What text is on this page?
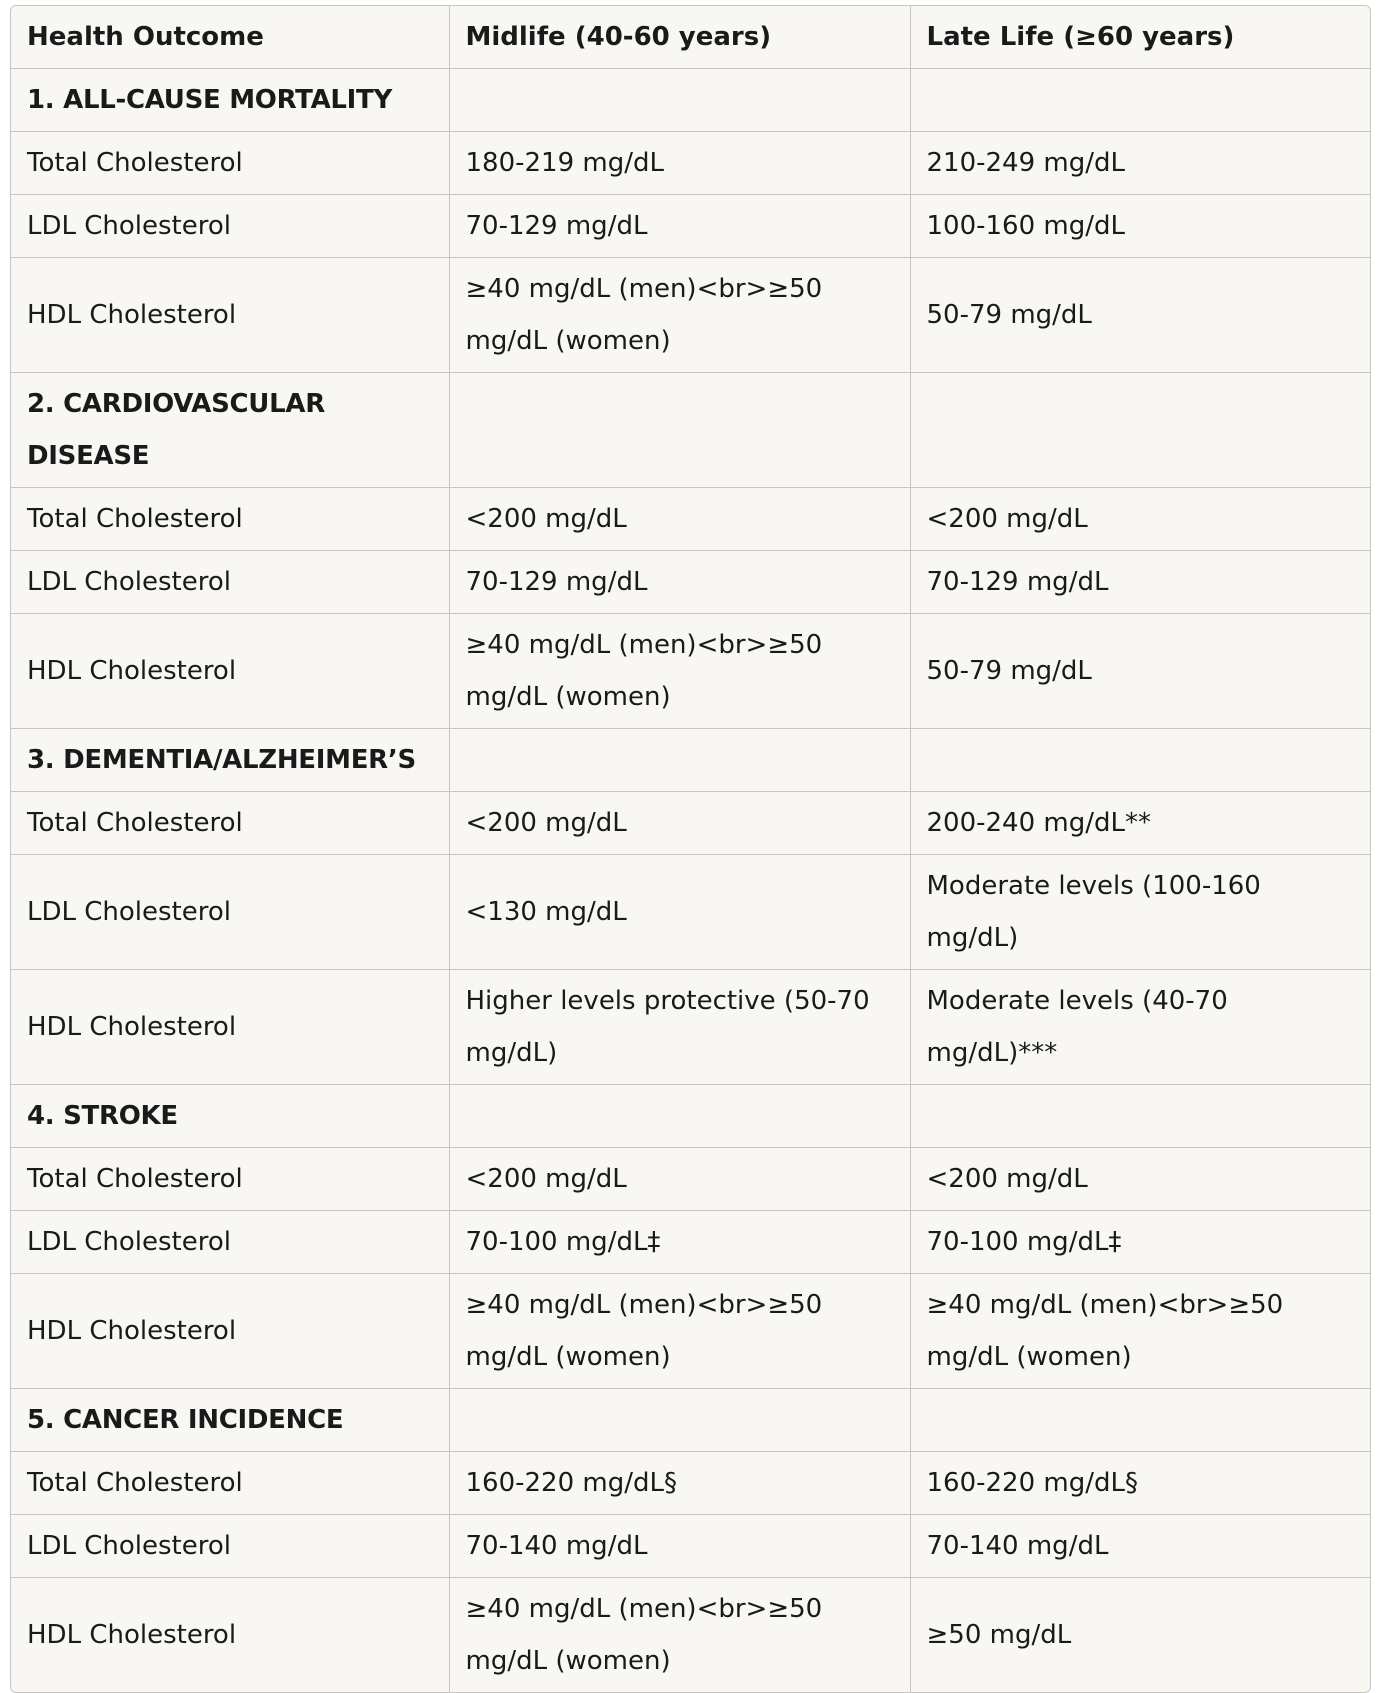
Health Outcome	Midlife (40-60 years)	Late Life (≥60 years)
1. ALL-CAUSE MORTALITY		
Total Cholesterol	180-219 mg/dL	210-249 mg/dL
LDL Cholesterol	70-129 mg/dL	100-160 mg/dL
HDL Cholesterol	≥40 mg/dL (men)<br>≥50 mg/dL (women)	50-79 mg/dL
2. CARDIOVASCULAR DISEASE		
Total Cholesterol	<200 mg/dL	<200 mg/dL
LDL Cholesterol	70-129 mg/dL	70-129 mg/dL
HDL Cholesterol	≥40 mg/dL (men)<br>≥50 mg/dL (women)	50-79 mg/dL
3. DEMENTIA/ALZHEIMER’S		
Total Cholesterol	<200 mg/dL	200-240 mg/dL**
LDL Cholesterol	<130 mg/dL	Moderate levels (100-160 mg/dL)
HDL Cholesterol	Higher levels protective (50-70 mg/dL)	Moderate levels (40-70 mg/dL)***
4. STROKE		
Total Cholesterol	<200 mg/dL	<200 mg/dL
LDL Cholesterol	70-100 mg/dL‡	70-100 mg/dL‡
HDL Cholesterol	≥40 mg/dL (men)<br>≥50 mg/dL (women)	≥40 mg/dL (men)<br>≥50 mg/dL (women)
5. CANCER INCIDENCE		
Total Cholesterol	160-220 mg/dL§	160-220 mg/dL§
LDL Cholesterol	70-140 mg/dL	70-140 mg/dL
HDL Cholesterol	≥40 mg/dL (men)<br>≥50 mg/dL (women)	≥50 mg/dL
